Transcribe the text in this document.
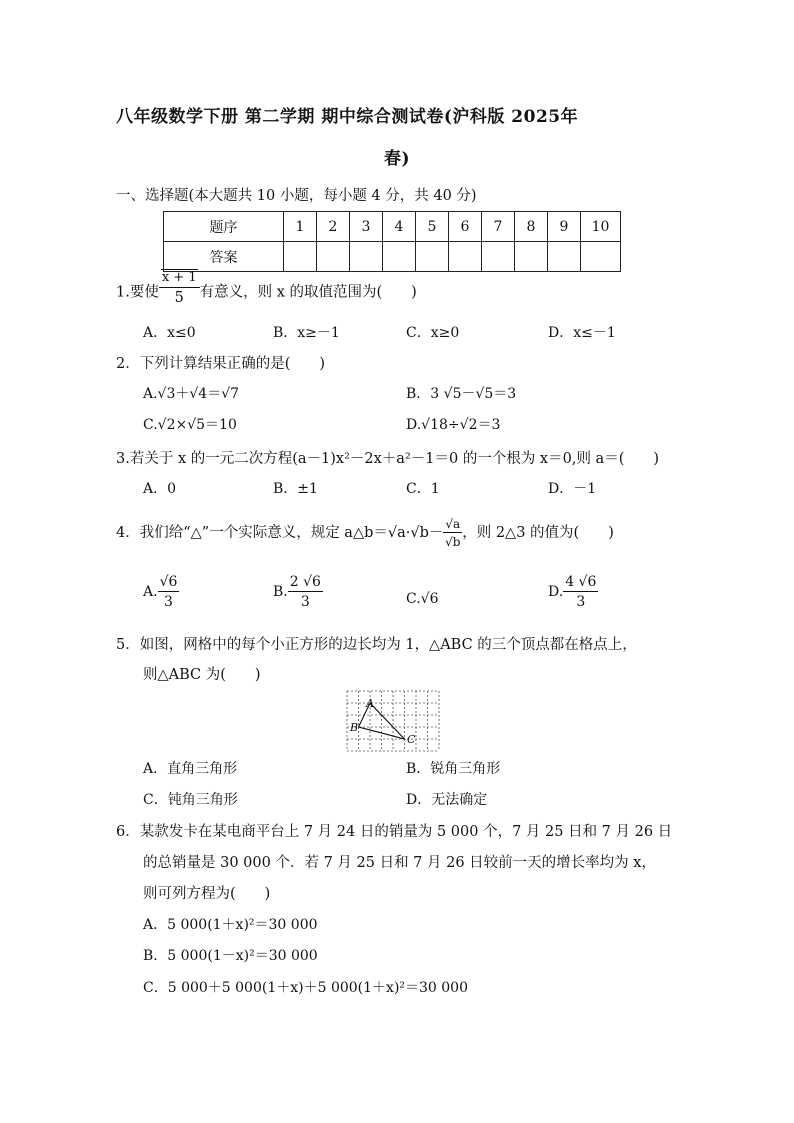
八年级数学下册 第二学期 期中综合测试卷(沪科版 2025年
春)
一、选择题(本大题共 10 小题，每小题 4 分，共 40 分)
题序	1	2	3	4	5	6	7	8	9	10
答案										
1.要使 $\frac{x + 1}{5}$ 有意义，则 x 的取值范围为(　　)
A．x≤0	B．x≥－1	C．x≥0	D．x≤－1
2．下列计算结果正确的是(　　)
A.√3＋√4＝√7	B．3 √5－√5＝3
C.√2×√5＝10	D.√18÷√2＝3
3.若关于 x 的一元二次方程(a－1)x²－2x＋a²－1＝0 的一个根为 x＝0,则 a＝(　　)
A．0	B．±1	C．1	D．－1
4．我们给“△”一个实际意义，规定 a△b＝√a·√b－ $\frac{√a}{√b}$ ，则 2△3 的值为(　　)
A. $\frac{√6}{3}$	B. $\frac{2 √6}{3}$	C.√6	D. $\frac{4 √6}{3}$
5．如图，网格中的每个小正方形的边长均为 1，△ABC 的三个顶点都在格点上，
则△ABC 为(　　)
A
B
C
A．直角三角形	B．锐角三角形
C．钝角三角形	D．无法确定
6．某款发卡在某电商平台上 7 月 24 日的销量为 5 000 个，7 月 25 日和 7 月 26 日
的总销量是 30 000 个．若 7 月 25 日和 7 月 26 日较前一天的增长率均为 x，
则可列方程为(　　)
A．5 000(1＋x)²＝30 000
B．5 000(1－x)²＝30 000
C．5 000＋5 000(1＋x)＋5 000(1＋x)²＝30 000
